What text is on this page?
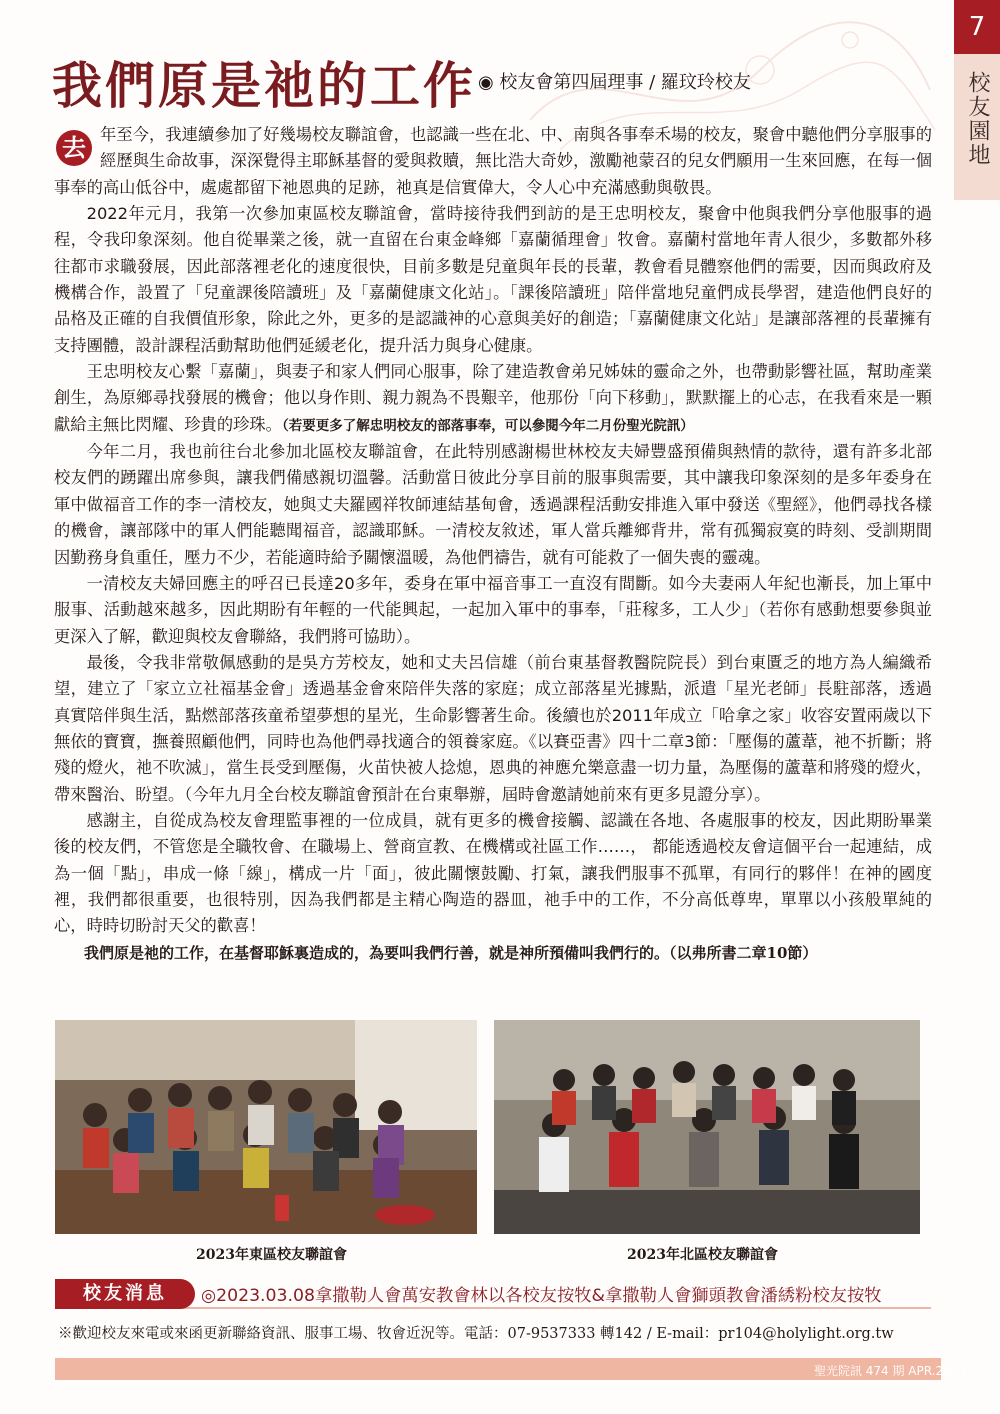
7
校友園地
我們原是祂的工作 ◉ 校友會第四屆理事 / 羅玟玲校友

去 年至今，我連續參加了好幾場校友聯誼會，也認識一些在北、中、南與各事奉禾場的校友，聚會中聽他們分享服事的經歷與生命故事，深深覺得主耶穌基督的愛與救贖，無比浩大奇妙，激勵祂蒙召的兒女們願用一生來回應，在每一個事奉的高山低谷中，處處都留下祂恩典的足跡，祂真是信實偉大，令人心中充滿感動與敬畏。

2022年元月，我第一次參加東區校友聯誼會，當時接待我們到訪的是王忠明校友，聚會中他與我們分享他服事的過程，令我印象深刻。他自從畢業之後，就一直留在台東金峰鄉「嘉蘭循理會」牧會。嘉蘭村當地年青人很少，多數都外移往都市求職發展，因此部落裡老化的速度很快，目前多數是兒童與年長的長輩，教會看見體察他們的需要，因而與政府及機構合作，設置了「兒童課後陪讀班」及「嘉蘭健康文化站」。「課後陪讀班」陪伴當地兒童們成長學習，建造他們良好的品格及正確的自我價值形象，除此之外，更多的是認識神的心意與美好的創造；「嘉蘭健康文化站」是讓部落裡的長輩擁有支持團體，設計課程活動幫助他們延緩老化，提升活力與身心健康。

王忠明校友心繫「嘉蘭」，與妻子和家人們同心服事，除了建造教會弟兄姊妹的靈命之外，也帶動影響社區，幫助產業創生，為原鄉尋找發展的機會；他以身作則、親力親為不畏艱辛，他那份「向下移動」，默默擺上的心志，在我看來是一顆獻給主無比閃耀、珍貴的珍珠。（若要更多了解忠明校友的部落事奉，可以參閱今年二月份聖光院訊）

今年二月，我也前往台北參加北區校友聯誼會，在此特別感謝楊世林校友夫婦豐盛預備與熱情的款待，還有許多北部校友們的踴躍出席參與，讓我們備感親切溫馨。活動當日彼此分享目前的服事與需要，其中讓我印象深刻的是多年委身在軍中做福音工作的李一清校友，她與丈夫羅國祥牧師連結基甸會，透過課程活動安排進入軍中發送《聖經》，他們尋找各樣的機會，讓部隊中的軍人們能聽聞福音，認識耶穌。一清校友敘述，軍人當兵離鄉背井，常有孤獨寂寞的時刻、受訓期間因勤務身負重任，壓力不少，若能適時給予關懷溫暖，為他們禱告，就有可能救了一個失喪的靈魂。

一清校友夫婦回應主的呼召已長達20多年，委身在軍中福音事工一直沒有間斷。如今夫妻兩人年紀也漸長，加上軍中服事、活動越來越多，因此期盼有年輕的一代能興起，一起加入軍中的事奉，「莊稼多，工人少」（若你有感動想要參與並更深入了解，歡迎與校友會聯絡，我們將可協助）。

最後，令我非常敬佩感動的是吳方芳校友，她和丈夫呂信雄（前台東基督教醫院院長）到台東匱乏的地方為人編織希望，建立了「家立立社福基金會」透過基金會來陪伴失落的家庭；成立部落星光據點，派遣「星光老師」長駐部落，透過真實陪伴與生活，點燃部落孩童希望夢想的星光，生命影響著生命。後續也於2011年成立「哈拿之家」收容安置兩歲以下無依的寶寶，撫養照顧他們，同時也為他們尋找適合的領養家庭。《以賽亞書》四十二章3節：「壓傷的蘆葦，祂不折斷；將殘的燈火，祂不吹滅」，當生長受到壓傷，火苗快被人捻熄，恩典的神應允樂意盡一切力量，為壓傷的蘆葦和將殘的燈火，帶來醫治、盼望。（今年九月全台校友聯誼會預計在台東舉辦，屆時會邀請她前來有更多見證分享）。

感謝主，自從成為校友會理監事裡的一位成員，就有更多的機會接觸、認識在各地、各處服事的校友，因此期盼畢業後的校友們，不管您是全職牧會、在職場上、營商宣教、在機構或社區工作……， 都能透過校友會這個平台一起連結，成為一個「點」，串成一條「線」，構成一片「面」，彼此關懷鼓勵、打氣，讓我們服事不孤單，有同行的夥伴！在神的國度裡，我們都很重要，也很特別，因為我們都是主精心陶造的器皿，祂手中的工作，不分高低尊卑，單單以小孩般單純的心，時時切盼討天父的歡喜！

我們原是祂的工作，在基督耶穌裏造成的，為要叫我們行善，就是神所預備叫我們行的。（以弗所書二章10節）

2023年東區校友聯誼會	2023年北區校友聯誼會
校友消息	◎2023.03.08拿撒勒人會萬安教會林以各校友按牧&拿撒勒人會獅頭教會潘綉粉校友按牧
※歡迎校友來電或來函更新聯絡資訊、服事工場、牧會近況等。電話：07-9537333 轉142 / E-mail：pr104@holylight.org.tw
聖光院訊 474 期 APR.2023
